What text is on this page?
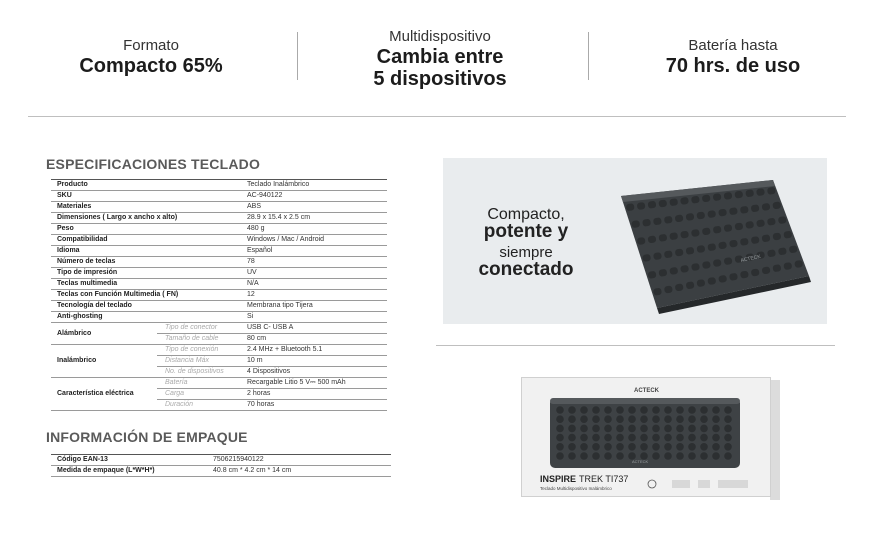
Formato
Compacto 65%
Multidispositivo
Cambia entre
5 dispositivos
Batería hasta
70 hrs. de uso
ESPECIFICACIONES TECLADO
Producto		Teclado Inalámbrico
SKU		AC-940122
Materiales		ABS
Dimensiones ( Largo x ancho x alto)		28.9 x 15.4 x 2.5 cm
Peso		480 g
Compatibilidad		Windows / Mac / Android
Idioma		Español
Número de teclas		78
Tipo de impresión		UV
Teclas multimedia		N/A
Teclas con Función Multimedia ( FN)		12
Tecnología del teclado		Membrana tipo Tijera
Anti-ghosting		Si
Alámbrico	Tipo de conector	USB C- USB A
	Tamaño de cable	80 cm
Inalámbrico	Tipo de conexión	2.4 MHz + Bluetooth 5.1
	Distancia Máx	10 m
	No. de dispositivos	4 Dispositivos
Característica eléctrica	Batería	Recargable Litio 5 V⎓ 500 mAh
	Carga	2 horas
	Duración	70 horas
INFORMACIÓN DE EMPAQUE
Código EAN-13	7506215940122
Medida de empaque (L*W*H*)	40.8 cm * 4.2 cm * 14 cm
Compacto,
potente y
siempre
conectado
ACTECK
ACTECK
ACTECK
INSPIRE TREK TI737
Teclado Multidispositivo Inalámbrico
